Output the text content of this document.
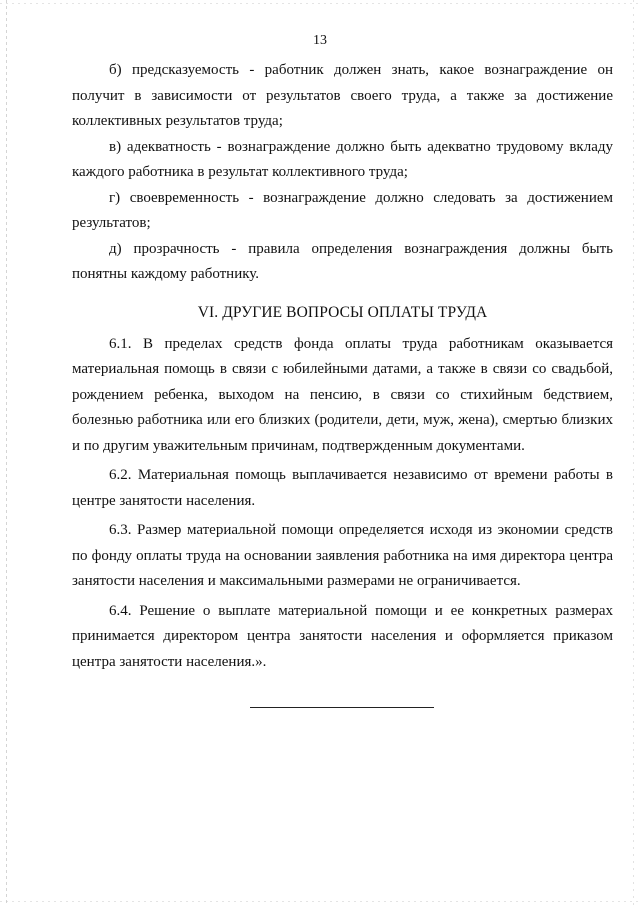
13

б) предсказуемость - работник должен знать, какое вознаграждение он получит в зависимости от результатов своего труда, а также за достижение коллективных результатов труда;

в) адекватность - вознаграждение должно быть адекватно трудовому вкладу каждого работника в результат коллективного труда;

г) своевременность - вознаграждение должно следовать за достижением результатов;

д) прозрачность - правила определения вознаграждения должны быть понятны каждому работнику.

VI. ДРУГИЕ ВОПРОСЫ ОПЛАТЫ ТРУДА

6.1. В пределах средств фонда оплаты труда работникам оказывается материальная помощь в связи с юбилейными датами, а также в связи со свадьбой, рождением ребенка, выходом на пенсию, в связи со стихийным бедствием, болезнью работника или его близких (родители, дети, муж, жена), смертью близких и по другим уважительным причинам, подтвержденным документами.

6.2. Материальная помощь выплачивается независимо от времени работы в центре занятости населения.

6.3. Размер материальной помощи определяется исходя из экономии средств по фонду оплаты труда на основании заявления работника на имя директора центра занятости населения и максимальными размерами не ограничивается.

6.4. Решение о выплате материальной помощи и ее конкретных размерах принимается директором центра занятости населения и оформляется приказом центра занятости населения.».
